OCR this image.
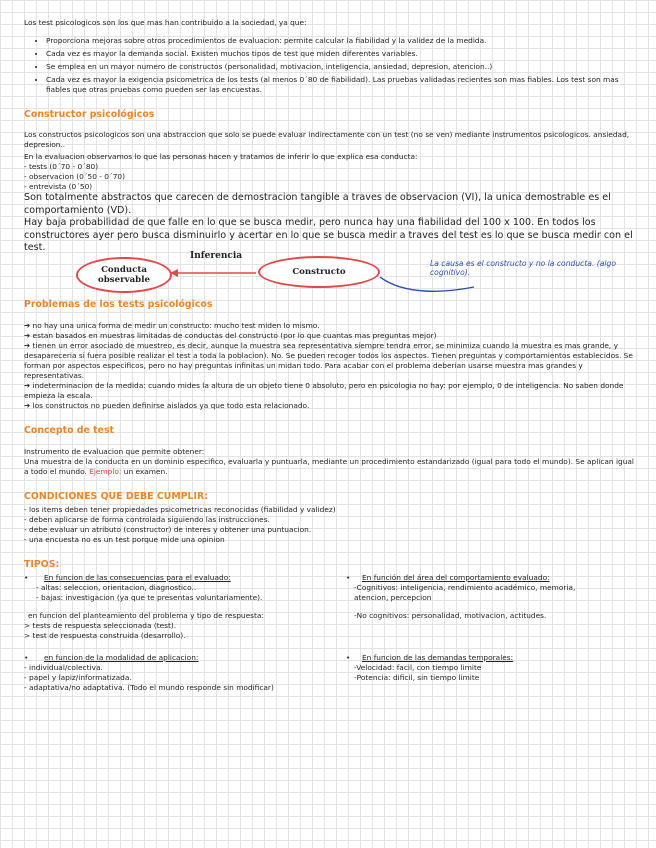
Los test psicologicos son los que mas han contribuido a la sociedad, ya que:

• Proporciona mejoras sobre otros procedimientos de evaluacion: permite calcular la fiabilidad y la validez de la medida.
• Cada vez es mayor la demanda social. Existen muchos tipos de test que miden diferentes variables.
• Se emplea en un mayor numero de constructos (personalidad, motivacion, inteligencia, ansiedad, depresion, atencion..)
• Cada vez es mayor la exigencia psicometrica de los tests (al menos 0´80 de fiabilidad). Las pruebas validadas recientes son mas fiables. Los test son mas fiables que otras pruebas como pueden ser las encuestas.

Constructor psicológicos

Los constructos psicologicos son una abstraccion que solo se puede evaluar indirectamente con un test (no se ven) mediante instrumentos psicologicos. ansiedad, depresion..

En la evaluacion observamos lo que las personas hacen y tratamos de inferir lo que explica esa conducta:

- tests (0´70 - 0´80)

- observacion (0´50 - 0´70)

- entrevista (0´50)

Son totalmente abstractos que carecen de demostracion tangible a traves de observacion (VI), la unica demostrable es el comportamiento (VD).

Hay baja probabilidad de que falle en lo que se busca medir, pero nunca hay una fiabilidad del 100 x 100. En todos los constructores ayer pero busca disminuirlo y acertar en lo que se busca medir a traves del test es lo que se busca medir con el test.

Conducta observable
Constructo
Inferencia
La causa es el constructo y no la conducta. (algo cognitivo).

Problemas de los tests psicológicos

➔ no hay una unica forma de medir un constructo: mucho test miden lo mismo.

➔ estan basados en muestras limitadas de conductas del constructo (por lo que cuantas mas preguntas mejor)

➔ tienen un error asociado de muestreo, es decir, aunque la muestra sea representativa siempre tendra error, se minimiza cuando la muestra es mas grande, y desapareceria si fuera posible realizar el test a toda la poblacion). No. Se pueden recoger todos los aspectos. Tienen preguntas y comportamientos establecidos. Se forman por aspectos especificos, pero no hay preguntas infinitas un midan todo. Para acabar con el problema deberian usarse muestra mas grandes y representativas.

➔ indeterminacion de la medida: cuando mides la altura de un objeto tiene 0 absoluto, pero en psicologia no hay: por ejemplo, 0 de inteligencia. No saben donde empieza la escala.

➔ los constructos no pueden definirse aislados ya que todo esta relacionado.

Concepto de test

Instrumento de evaluacion que permite obtener:

Una muestra de la conducta en un dominio especifico, evaluarla y puntuarla, mediante un procedimiento estandarizado (igual para todo el mundo). Se aplican igual a todo el mundo. Ejemplo: un examen.

CONDICIONES QUE DEBE CUMPLIR:

- los items deben tener propiedades psicometricas reconocidas (fiabilidad y validez)

- deben aplicarse de forma controlada siguiendo las instrucciones.

- debe evaluar un atributo (constructor) de interes y obtener una puntuacion.

- una encuesta no es un test porque mide una opinion

TIPOS:

• En funcion de las consecuencias para el evaluado:

- altas: seleccion, orientacion, diagnostico..

- bajas: investigacion (ya que te presentas voluntariamente).

en funcion del planteamiento del problema y tipo de respuesta:

> tests de respuesta seleccionada (test).

> test de respuesta construida (desarrollo).

• En función del área del comportamiento evaluado:

-Cognitivos: inteligencia, rendimiento académico, memoria, atencion, percepcion

-No cognitivos: personalidad, motivacion, actitudes.

• en funcion de la modalidad de aplicacion:

- individual/colectiva.

- papel y lapiz/informatizada.

- adaptativa/no adaptativa. (Todo el mundo responde sin modificar)

• En funcion de las demandas temporales:

-Velocidad: facil, con tiempo limite

-Potencia: dificil, sin tiempo limite
